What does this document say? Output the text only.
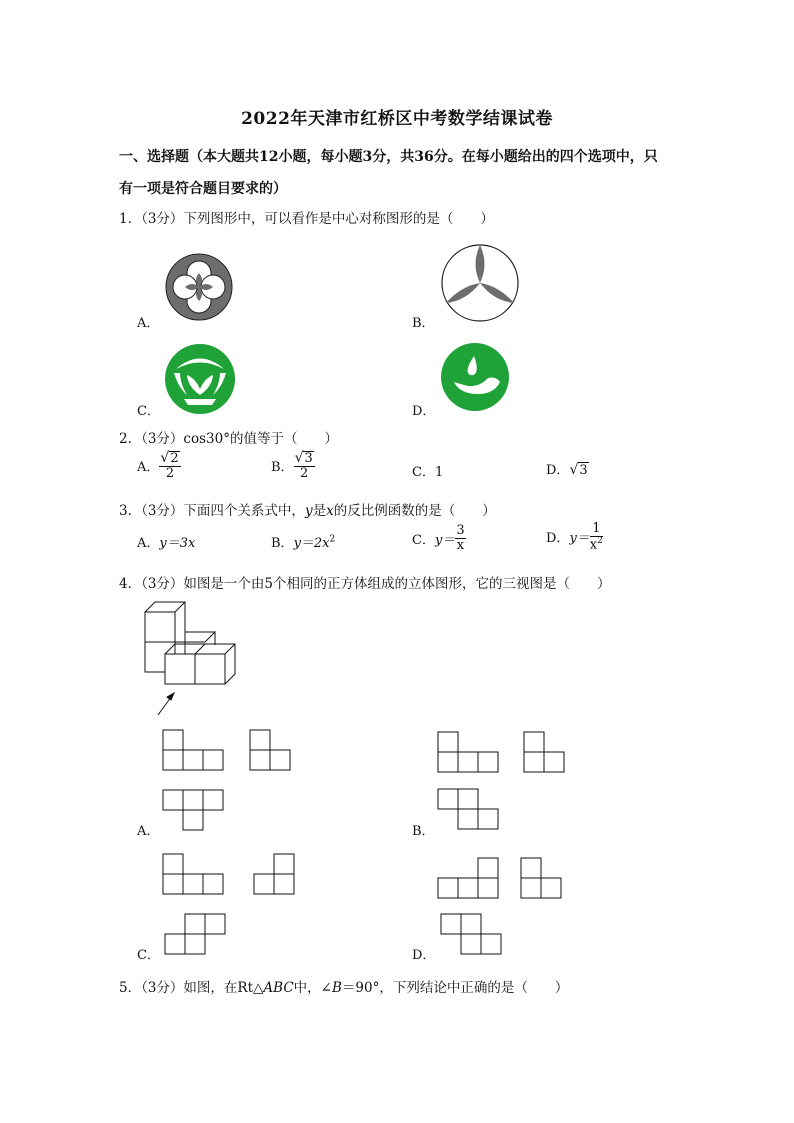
2022年天津市红桥区中考数学结课试卷
一、选择题（本大题共12小题，每小题3分，共36分。在每小题给出的四个选项中，只
有一项是符合题目要求的）
1．（3分）下列图形中，可以看作是中心对称图形的是（　　）
A．	B．
C．	D．
2．（3分）cos30°的值等于（　　）
A． $\frac{√2}{2}$	B． $\frac{√3}{2}$	C．1	D．√3
3．（3分）下面四个关系式中，y是x的反比例函数的是（　　）
A．y＝3x	B．$y=2x^2$	C． $y= \frac{3}{x}$	D． $y= \frac{1}{x^2}$
4．（3分）如图是一个由5个相同的正方体组成的立体图形，它的三视图是（　　）
A．	B．
C．	D．
5．（3分）如图，在Rt△ABC中，∠B＝90°，下列结论中正确的是（　　）
